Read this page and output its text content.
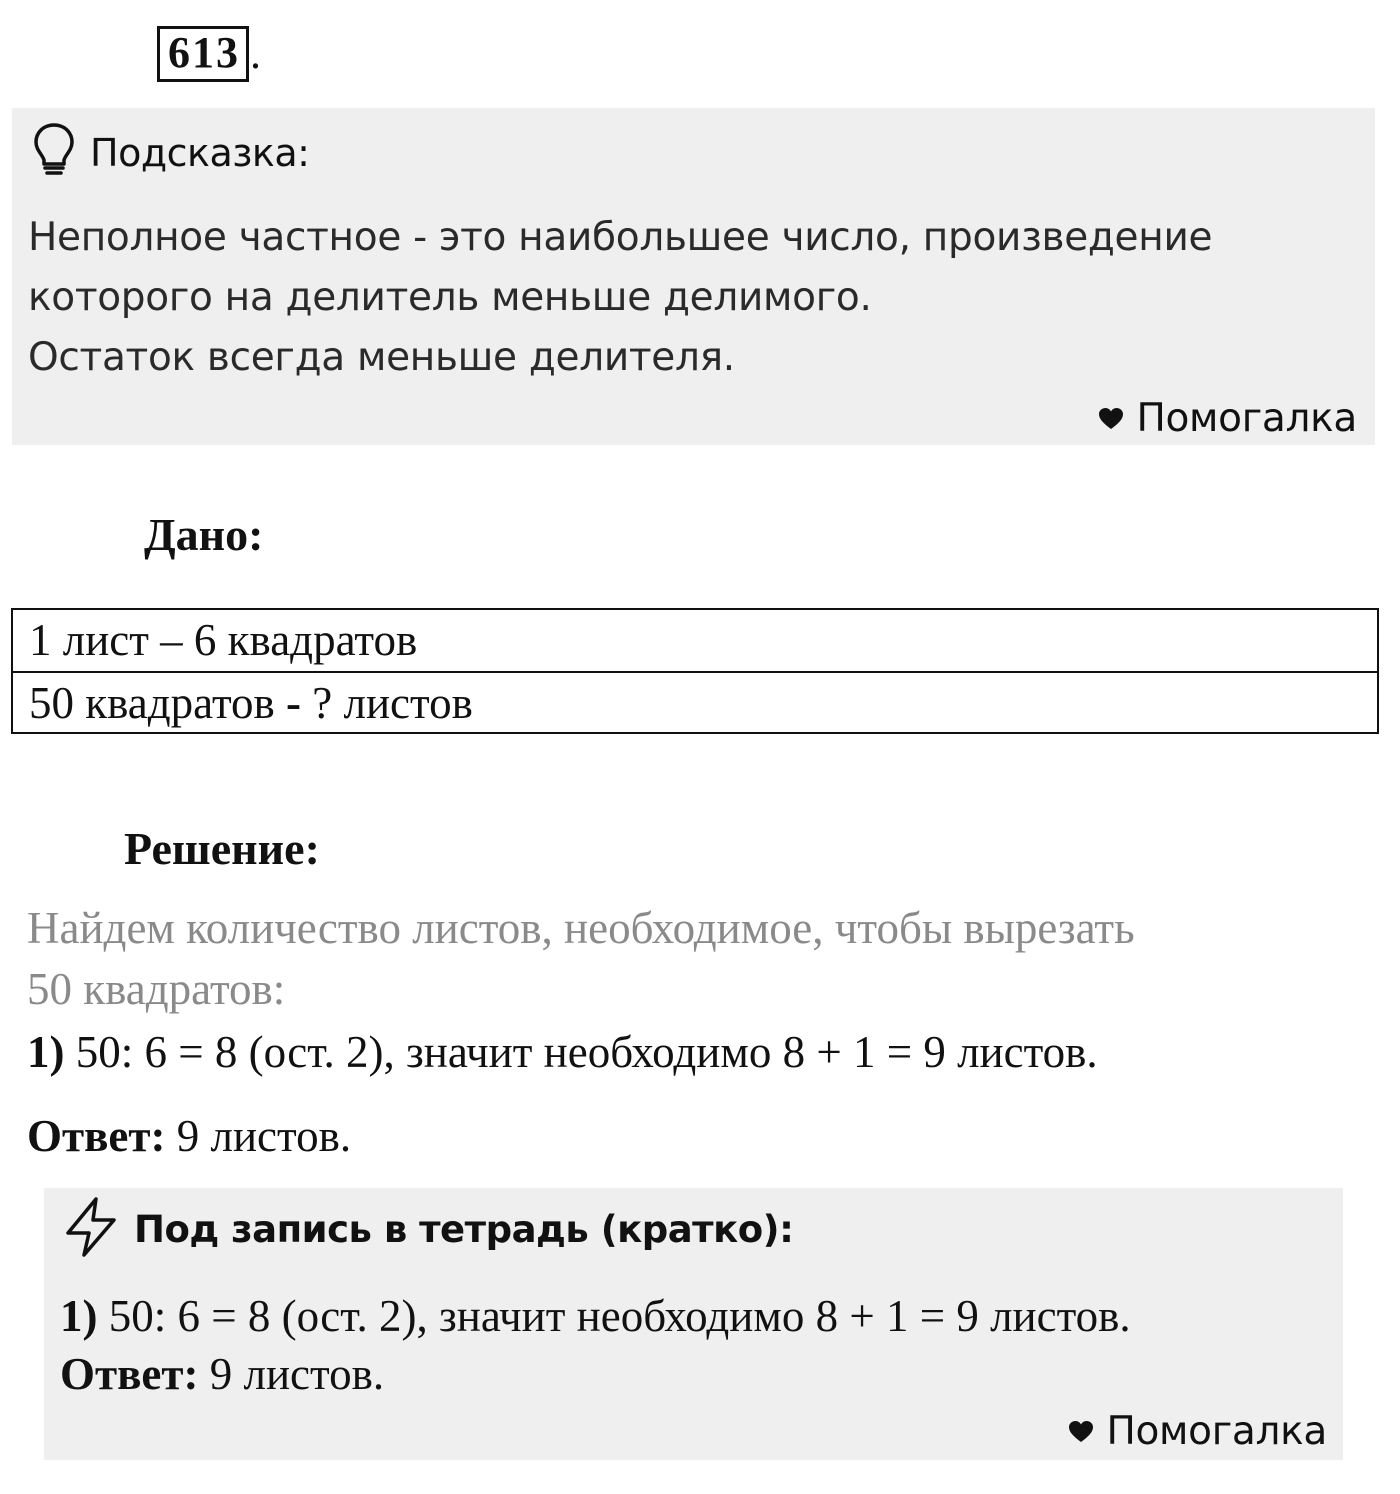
613 .
Подсказка:
Неполное частное - это наибольшее число, произведение
которого на делитель меньше делимого.
Остаток всегда меньше делителя.
Помогалка
Дано:
1 лист – 6 квадратов
50 квадратов - ? листов
Решение:
Найдем количество листов, необходимое, чтобы вырезать
50 квадратов:
1) 50: 6 = 8 (ост. 2), значит необходимо 8 + 1 = 9 листов.
Ответ: 9 листов.
Под запись в тетрадь (кратко):
1) 50: 6 = 8 (ост. 2), значит необходимо 8 + 1 = 9 листов.
Ответ: 9 листов.
Помогалка
